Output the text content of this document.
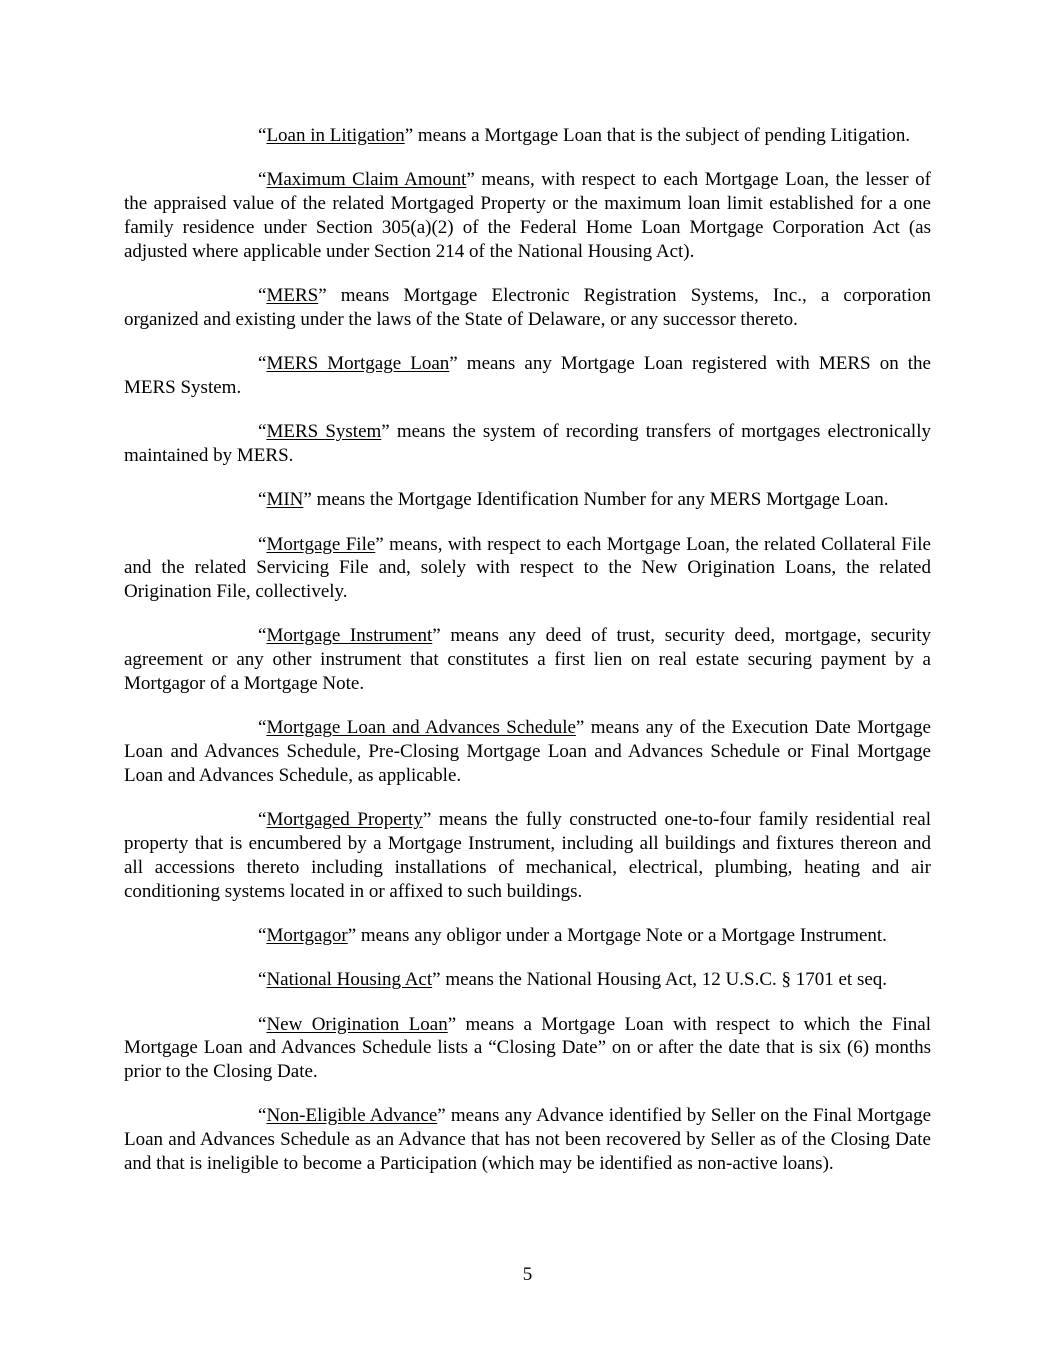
“Loan in Litigation” means a Mortgage Loan that is the subject of pending Litigation.

“Maximum Claim Amount” means, with respect to each Mortgage Loan, the lesser of the appraised value of the related Mortgaged Property or the maximum loan limit established for a one family residence under Section 305(a)(2) of the Federal Home Loan Mortgage Corporation Act (as adjusted where applicable under Section 214 of the National Housing Act).

“MERS” means Mortgage Electronic Registration Systems, Inc., a corporation organized and existing under the laws of the State of Delaware, or any successor thereto.

“MERS Mortgage Loan” means any Mortgage Loan registered with MERS on the MERS System.

“MERS System” means the system of recording transfers of mortgages electronically maintained by MERS.

“MIN” means the Mortgage Identification Number for any MERS Mortgage Loan.

“Mortgage File” means, with respect to each Mortgage Loan, the related Collateral File and the related Servicing File and, solely with respect to the New Origination Loans, the related Origination File, collectively.

“Mortgage Instrument” means any deed of trust, security deed, mortgage, security agreement or any other instrument that constitutes a first lien on real estate securing payment by a Mortgagor of a Mortgage Note.

“Mortgage Loan and Advances Schedule” means any of the Execution Date Mortgage Loan and Advances Schedule, Pre-Closing Mortgage Loan and Advances Schedule or Final Mortgage Loan and Advances Schedule, as applicable.

“Mortgaged Property” means the fully constructed one-to-four family residential real property that is encumbered by a Mortgage Instrument, including all buildings and fixtures thereon and all accessions thereto including installations of mechanical, electrical, plumbing, heating and air conditioning systems located in or affixed to such buildings.

“Mortgagor” means any obligor under a Mortgage Note or a Mortgage Instrument.

“National Housing Act” means the National Housing Act, 12 U.S.C. § 1701 et seq.

“New Origination Loan” means a Mortgage Loan with respect to which the Final Mortgage Loan and Advances Schedule lists a “Closing Date” on or after the date that is six (6) months prior to the Closing Date.

“Non-Eligible Advance” means any Advance identified by Seller on the Final Mortgage Loan and Advances Schedule as an Advance that has not been recovered by Seller as of the Closing Date and that is ineligible to become a Participation (which may be identified as non-active loans).

5
